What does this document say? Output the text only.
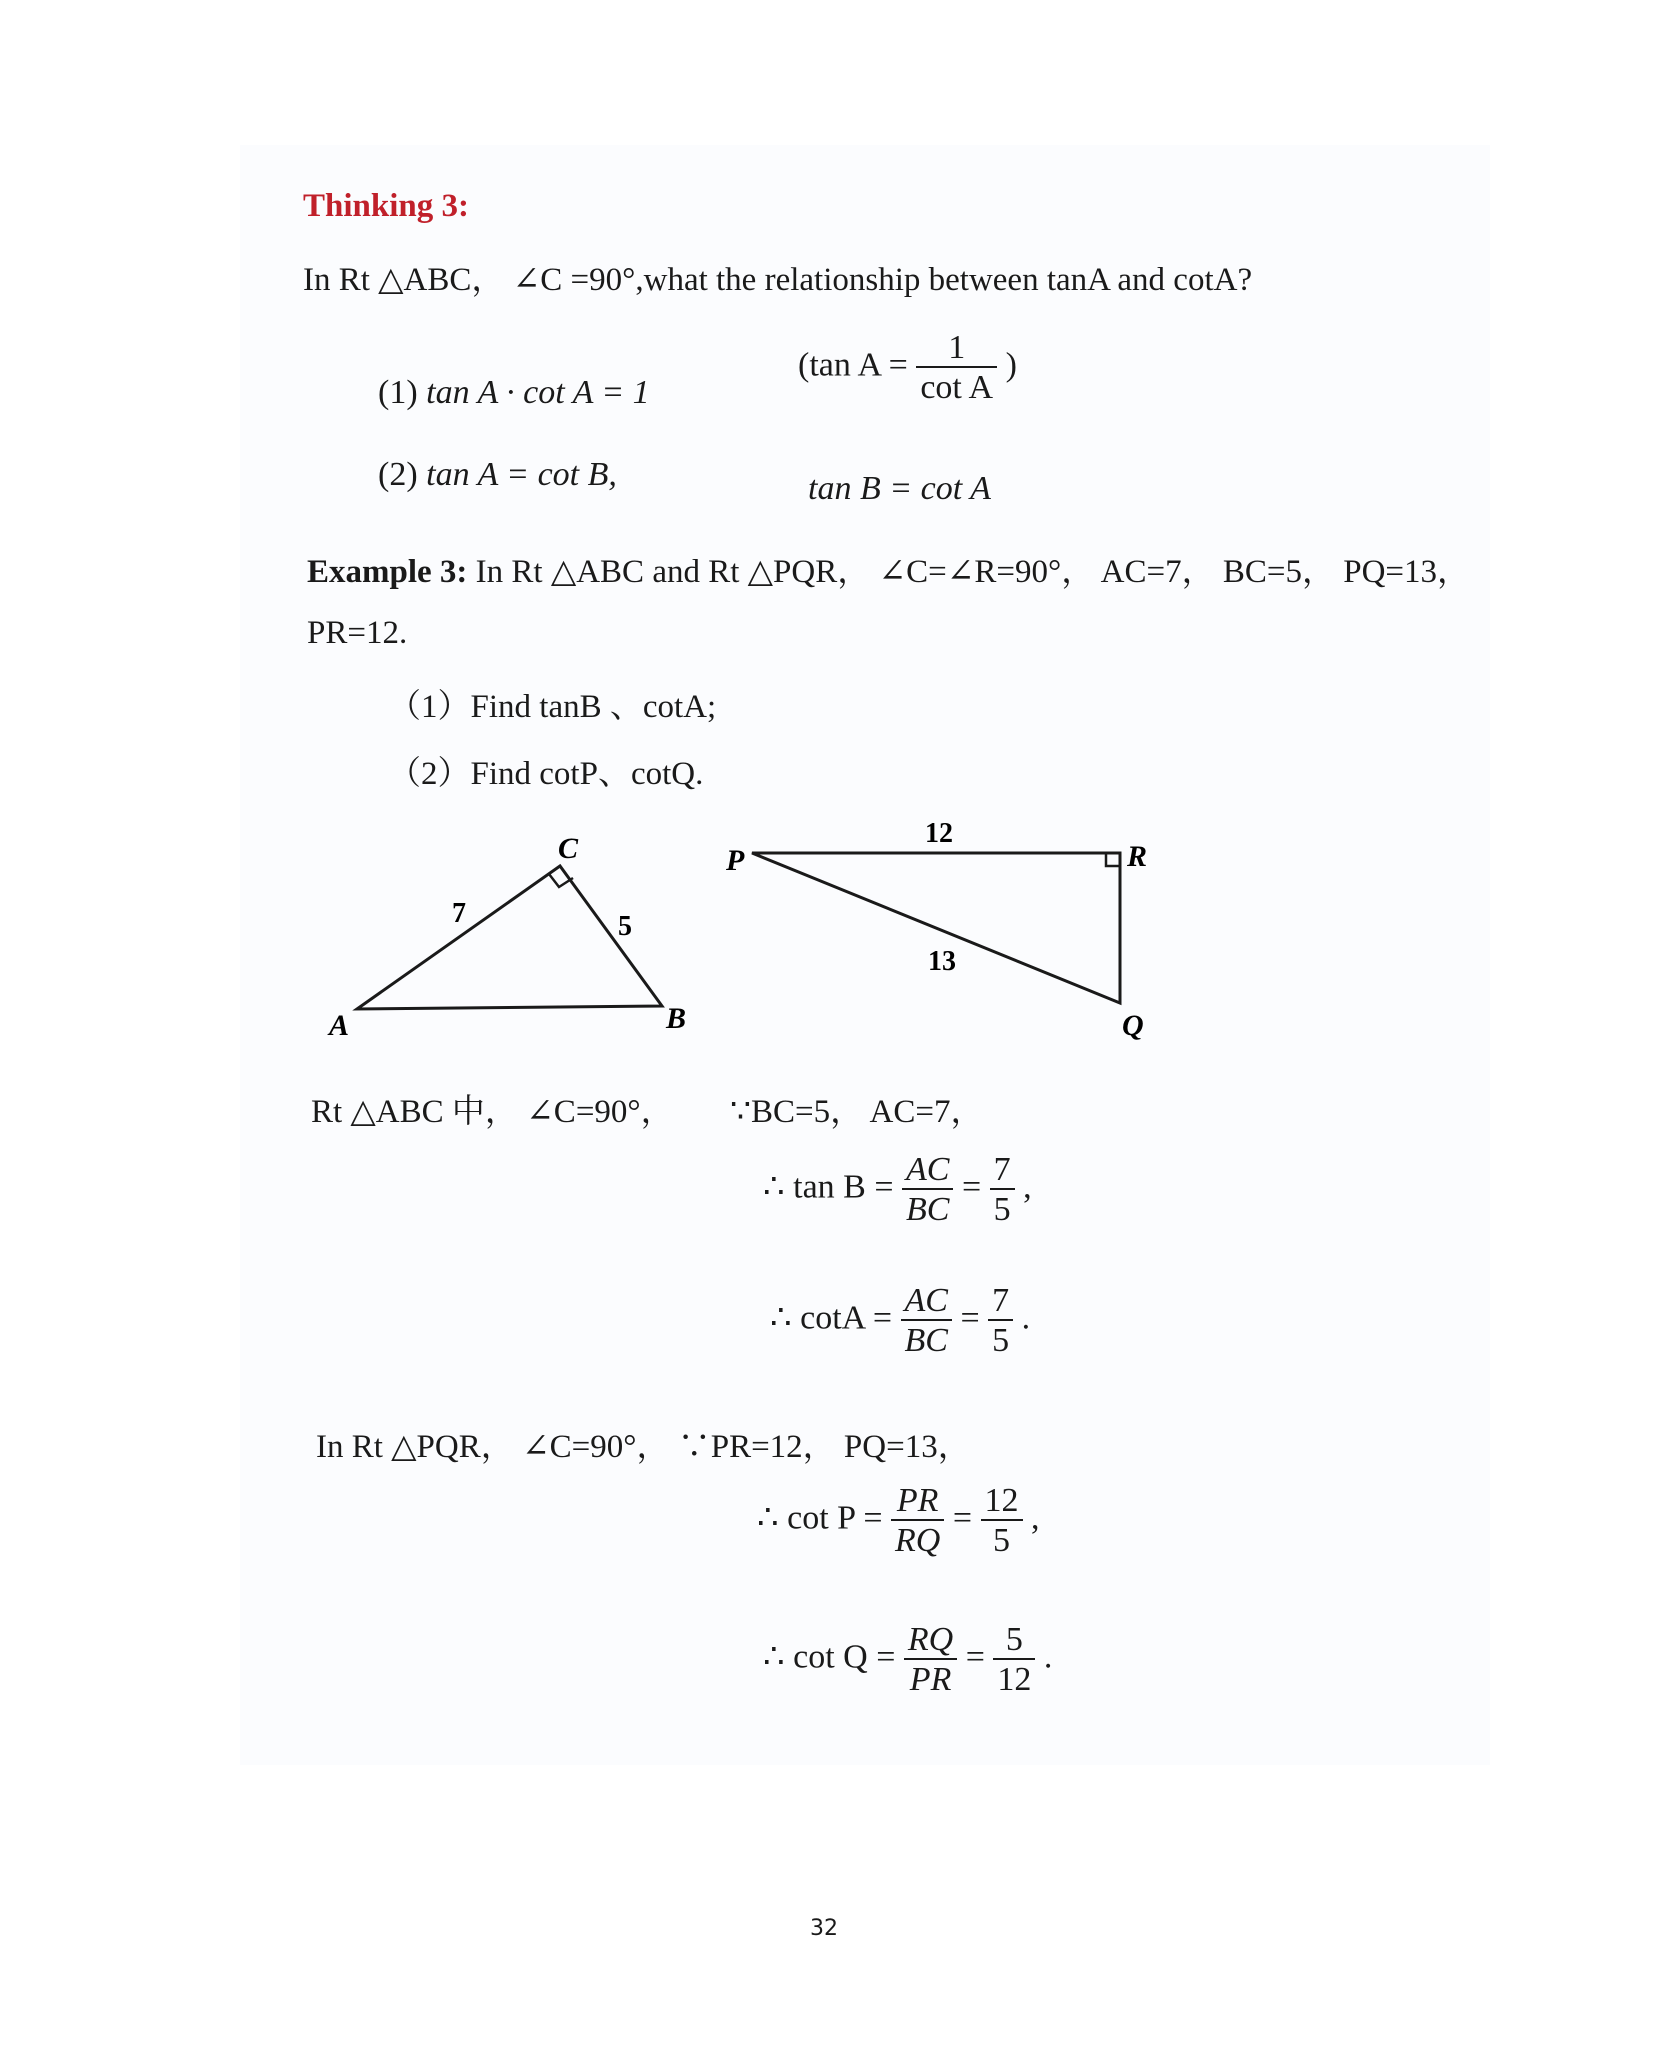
Thinking 3:
In Rt △ABC， ∠C =90°,what the relationship between tanA and cotA?
(1) tan A · cot A = 1
(tan $A = \frac{1}{\text{cot A}}$ )
(2) tan A = cot B,	tan B = cot A
Example 3: In Rt △ABC and Rt △PQR， ∠C=∠R=90°， AC=7， BC=5， PQ=13，
PR=12.
（1）Find tanB 、cotA;
（2）Find cotP、cotQ.
A	B
C
7	5
P	R
Q
12
13
Rt △ABC 中， ∠C=90°， ∵BC=5， AC=7，
∴ $\tan B = \frac{AC}{BC} = \frac{7}{5}$ ,
∴ $\cot A = \frac{AC}{BC} = \frac{7}{5}$ .
In Rt △PQR， ∠C=90°， ∵PR=12， PQ=13，
∴ $\cot P = \frac{PR}{RQ} = \frac{12}{5}$ ,
∴ $\cot Q = \frac{RQ}{PR} = \frac{5}{12}$ .
32
